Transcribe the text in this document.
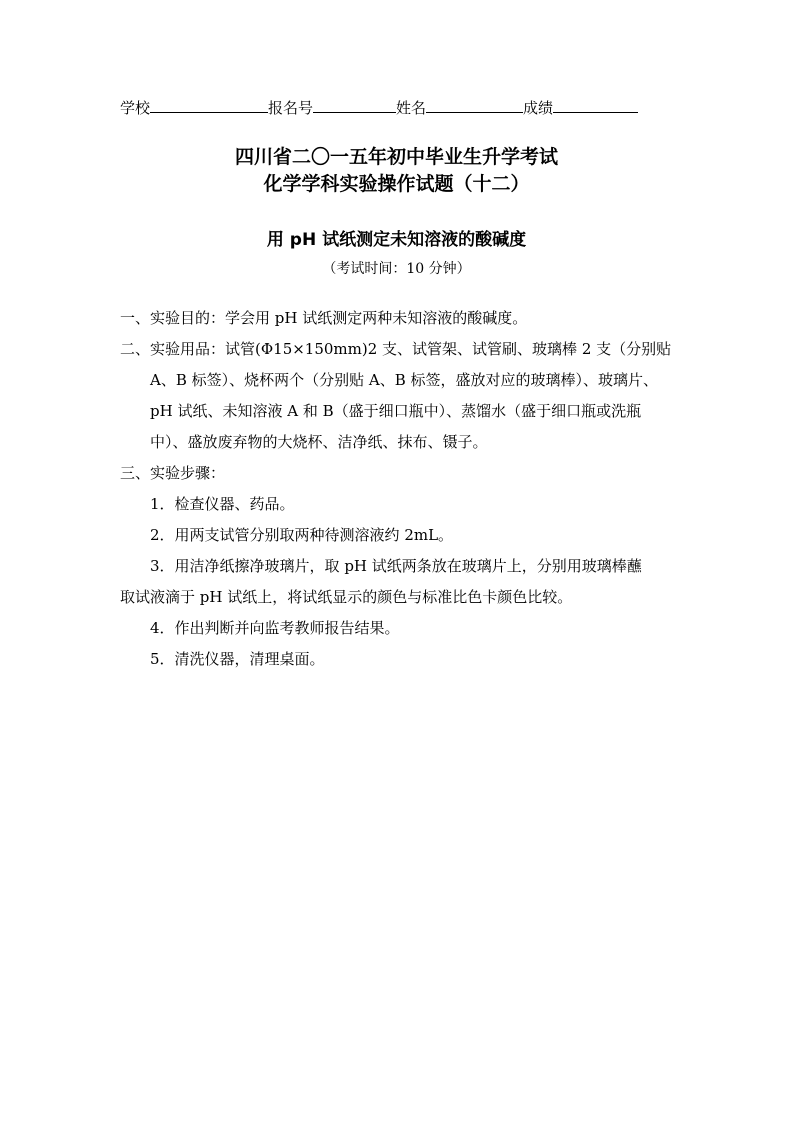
学校	报名号	姓名	成绩
四川省二〇一五年初中毕业生升学考试
化学学科实验操作试题（十二）
用 pH 试纸测定未知溶液的酸碱度
（考试时间：10 分钟）
一、实验目的：学会用 pH 试纸测定两种未知溶液的酸碱度。
二、实验用品：试管(Φ15×150mm)2 支、试管架、试管刷、玻璃棒 2 支（分别贴
A、B 标签）、烧杯两个（分别贴 A、B 标签，盛放对应的玻璃棒）、玻璃片、
pH 试纸、未知溶液 A 和 B（盛于细口瓶中）、蒸馏水（盛于细口瓶或洗瓶
中）、盛放废弃物的大烧杯、洁净纸、抹布、镊子。
三、实验步骤：
1．检查仪器、药品。
2．用两支试管分别取两种待测溶液约 2mL。
3．用洁净纸擦净玻璃片，取 pH 试纸两条放在玻璃片上，分别用玻璃棒蘸
取试液滴于 pH 试纸上，将试纸显示的颜色与标准比色卡颜色比较。
4．作出判断并向监考教师报告结果。
5．清洗仪器，清理桌面。
